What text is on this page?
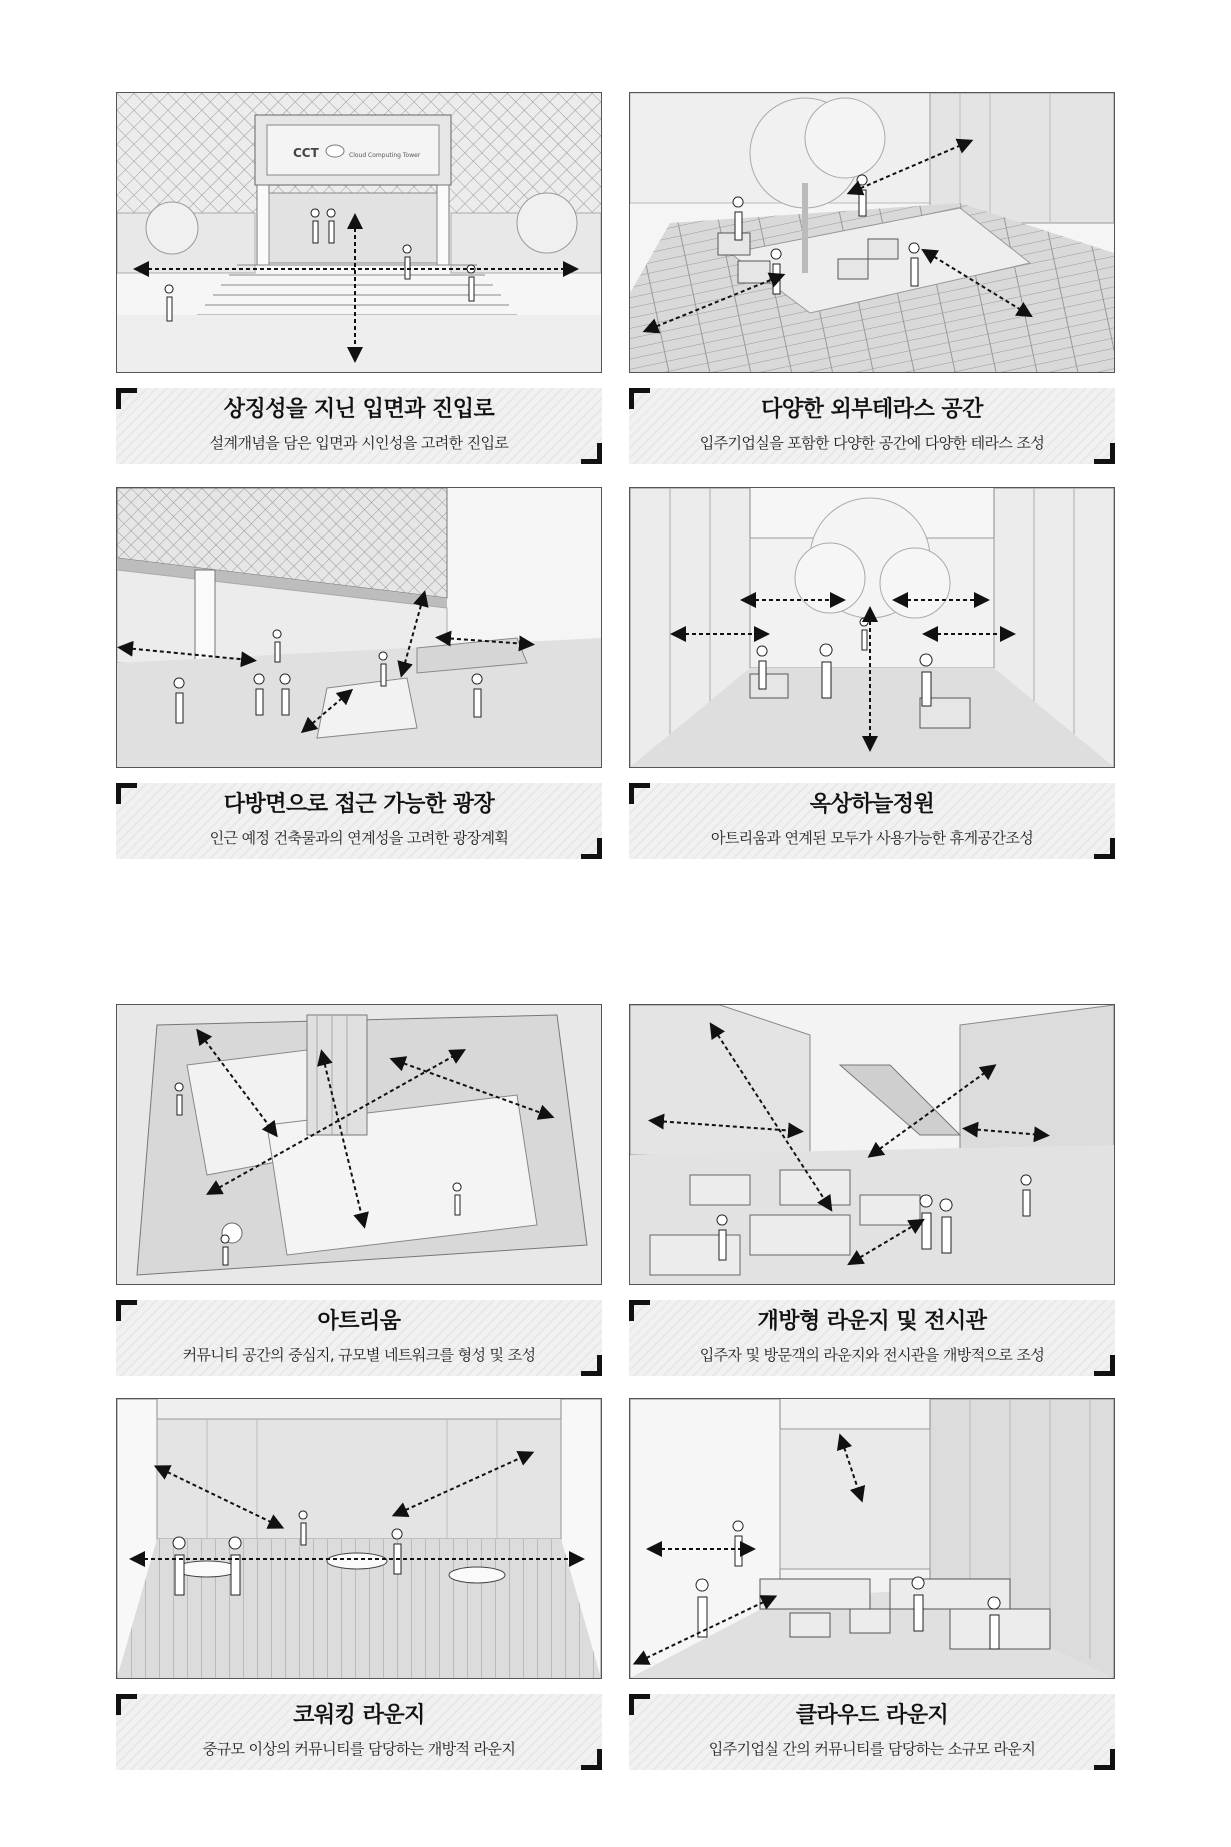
CCT	Cloud Computing Tower
상징성을 지닌 입면과 진입로
설계개념을 담은 입면과 시인성을 고려한 진입로
다양한 외부테라스 공간
입주기업실을 포함한 다양한 공간에 다양한 테라스 조성
다방면으로 접근 가능한 광장
인근 예정 건축물과의 연계성을 고려한 광장계획
옥상하늘정원
아트리움과 연계된 모두가 사용가능한 휴게공간조성
아트리움
커뮤니티 공간의 중심지, 규모별 네트워크를 형성 및 조성
개방형 라운지 및 전시관
입주자 및 방문객의 라운지와 전시관을 개방적으로 조성
코워킹 라운지
중규모 이상의 커뮤니티를 담당하는 개방적 라운지
클라우드 라운지
입주기업실 간의 커뮤니티를 담당하는 소규모 라운지
